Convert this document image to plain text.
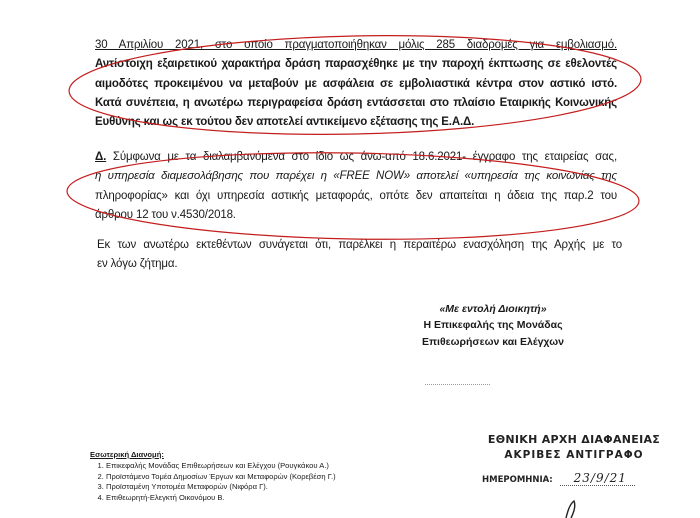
30 Απριλίου 2021, στο οποίο πραγματοποιήθηκαν μόλις 285 διαδρομές για εμβολιασμό.
Αντίστοιχη εξαιρετικού χαρακτήρα δράση παρασχέθηκε με την παροχή έκπτωσης σε εθελοντές
αιμοδότες προκειμένου να μεταβούν με ασφάλεια σε εμβολιαστικά κέντρα στον αστικό ιστό.
Κατά συνέπεια, η ανωτέρω περιγραφείσα δράση εντάσσεται στο πλαίσιο Εταιρικής Κοινωνικής
Ευθύνης και ως εκ τούτου δεν αποτελεί αντικείμενο εξέτασης της Ε.Α.Δ.
Δ. Σύμφωνα με τα διαλαμβανόμενα στο ίδιο ως άνω-από 18.6.2021- έγγραφο της εταιρείας σας,
η υπηρεσία διαμεσολάβησης που παρέχει η «FREE NOW» αποτελεί «υπηρεσία της κοινωνίας της
πληροφορίας» και όχι υπηρεσία αστικής μεταφοράς, οπότε δεν απαιτείται η άδεια της παρ.2 του
άρθρου 12 του ν.4530/2018.
Εκ των ανωτέρω εκτεθέντων συνάγεται ότι, παρέλκει η περαιτέρω ενασχόληση της Αρχής με το
εν λόγω ζήτημα.
«Με εντολή Διοικητή»
Η Επικεφαλής της Μονάδας
Επιθεωρήσεων και Ελέγχων
Εσωτερική Διανομή:
1. Επικεφαλής Μονάδας Επιθεωρήσεων και Ελέγχου (Ρουγκάκου Α.)
2. Προϊστάμενο Τομέα Δημοσίων Έργων και Μεταφορών (Κορεβέση Γ.)
3. Προϊσταμένη Υποτομέα Μεταφορών (Νιφόρα Γ).
4. Επιθεωρητή-Ελεγκτή Οικονόμου Β.
ΕΘΝΙΚΗ ΑΡΧΗ ΔΙΑΦΑΝΕΙΑΣ
ΑΚΡΙΒΕΣ ΑΝΤΙΓΡΑΦΟ
ΗΜΕΡΟΜΗΝΙΑ: 23/9/21
